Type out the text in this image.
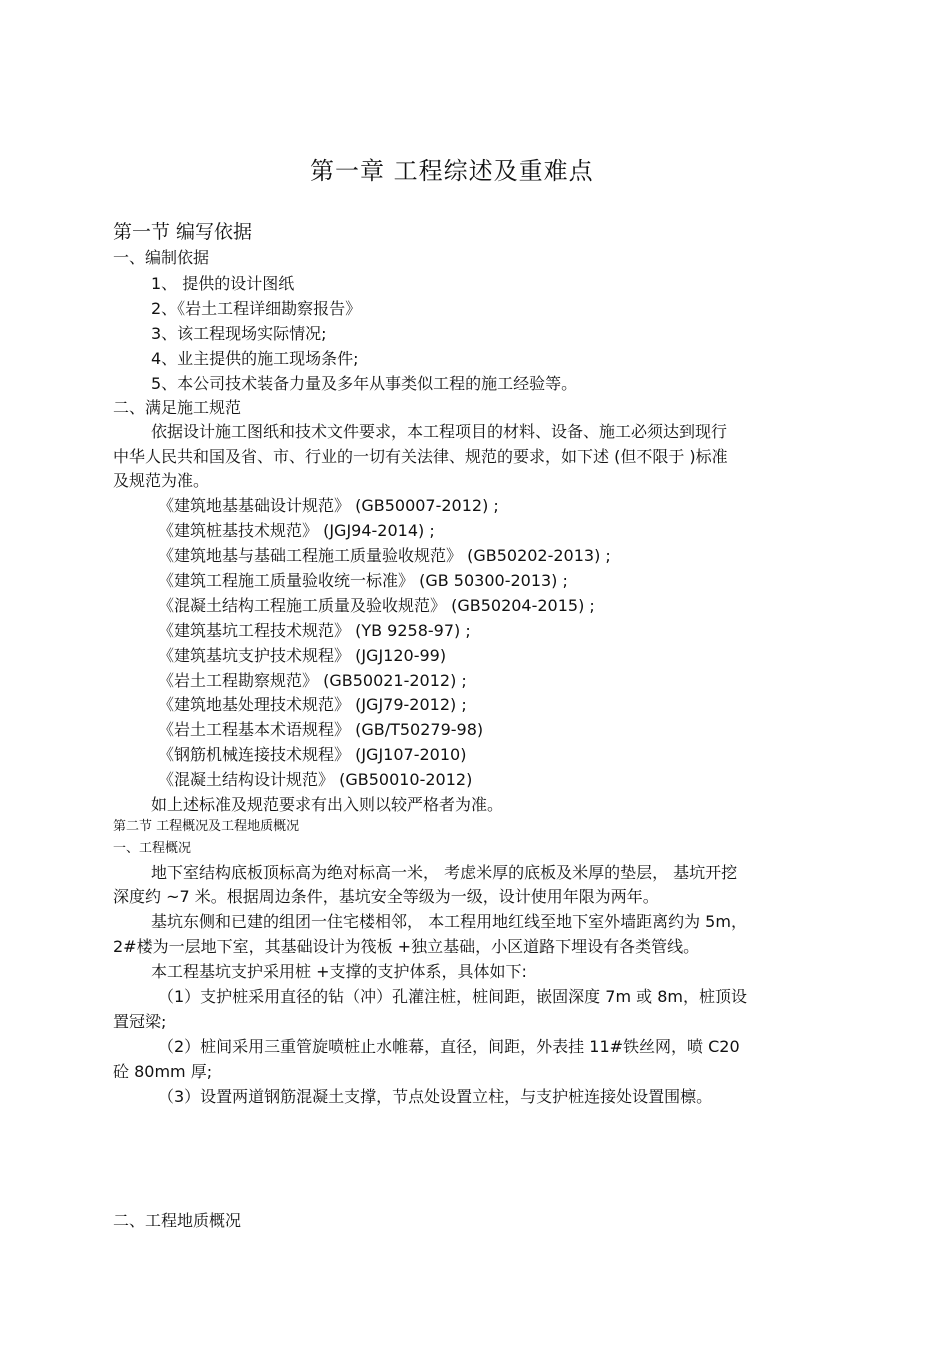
第一章 工程综述及重难点
第一节 编写依据
一、编制依据
1、 提供的设计图纸
2、《岩土工程详细勘察报告》
3、该工程现场实际情况;
4、业主提供的施工现场条件;
5、本公司技术装备力量及多年从事类似工程的施工经验等。
二、满足施工规范
依据设计施工图纸和技术文件要求，本工程项目的材料、设备、施工必须达到现行
中华人民共和国及省、市、行业的一切有关法律、规范的要求，如下述 (但不限于 )标准
及规范为准。
《建筑地基基础设计规范》 (GB50007-2012) ;
《建筑桩基技术规范》 (JGJ94-2014) ;
《建筑地基与基础工程施工质量验收规范》 (GB50202-2013) ;
《建筑工程施工质量验收统一标准》 (GB 50300-2013) ;
《混凝土结构工程施工质量及验收规范》 (GB50204-2015) ;
《建筑基坑工程技术规范》 (YB 9258-97) ;
《建筑基坑支护技术规程》 (JGJ120-99)
《岩土工程勘察规范》 (GB50021-2012) ;
《建筑地基处理技术规范》 (JGJ79-2012) ;
《岩土工程基本术语规程》 (GB/T50279-98)
《钢筋机械连接技术规程》 (JGJ107-2010)
《混凝土结构设计规范》 (GB50010-2012)
如上述标准及规范要求有出入则以较严格者为准。
第二节 工程概况及工程地质概况
一、工程概况
地下室结构底板顶标高为绝对标高一米， 考虑米厚的底板及米厚的垫层， 基坑开挖
深度约 ~7 米。根据周边条件，基坑安全等级为一级，设计使用年限为两年。
基坑东侧和已建的组团一住宅楼相邻， 本工程用地红线至地下室外墙距离约为 5m，
2#楼为一层地下室，其基础设计为筏板 +独立基础，小区道路下埋设有各类管线。
本工程基坑支护采用桩 +支撑的支护体系，具体如下:
（1）支护桩采用直径的钻（冲）孔灌注桩，桩间距，嵌固深度 7m 或 8m，桩顶设
置冠梁;
（2）桩间采用三重管旋喷桩止水帷幕，直径，间距，外表挂 11#铁丝网，喷 C20
砼 80mm 厚;
（3）设置两道钢筋混凝土支撑，节点处设置立柱，与支护桩连接处设置围檩。
二、工程地质概况
